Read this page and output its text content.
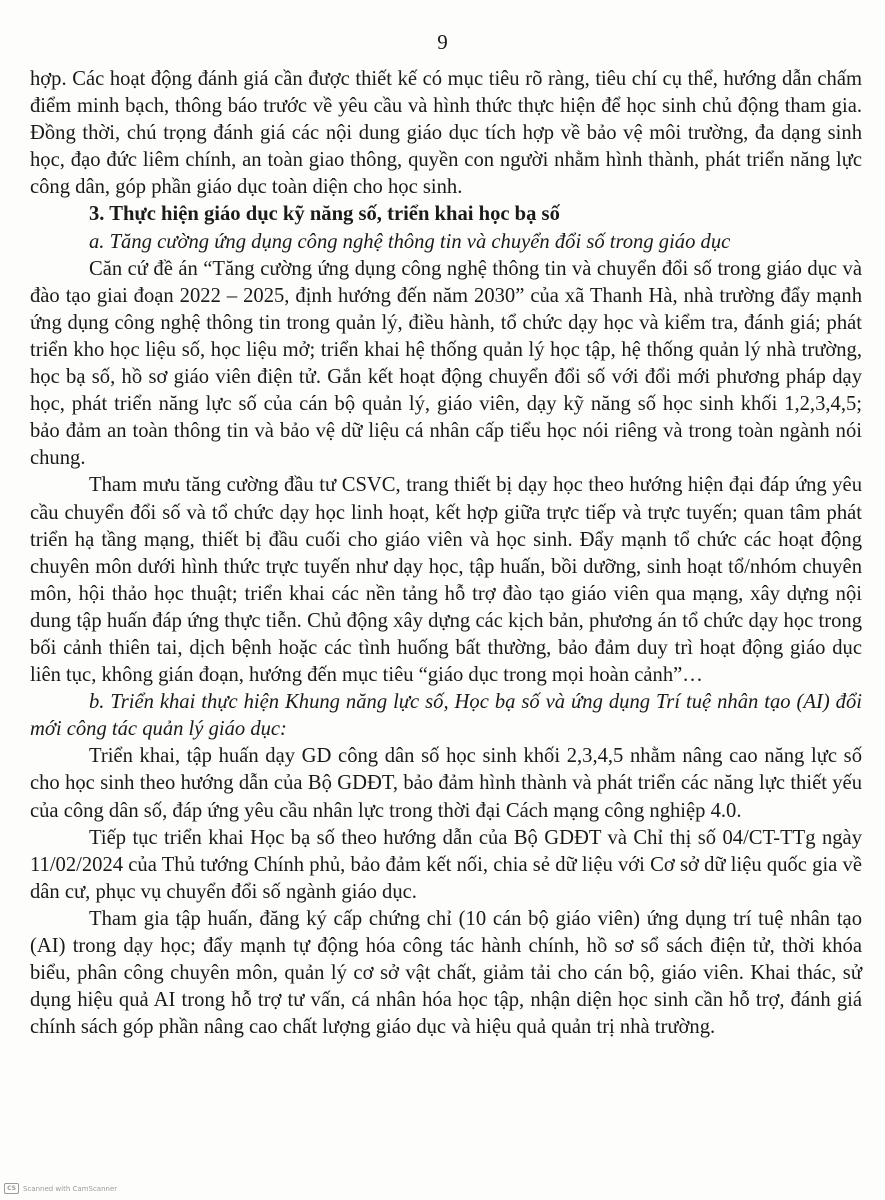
9

hợp. Các hoạt động đánh giá cần được thiết kế có mục tiêu rõ ràng, tiêu chí cụ thể, hướng dẫn chấm điểm minh bạch, thông báo trước về yêu cầu và hình thức thực hiện để học sinh chủ động tham gia. Đồng thời, chú trọng đánh giá các nội dung giáo dục tích hợp về bảo vệ môi trường, đa dạng sinh học, đạo đức liêm chính, an toàn giao thông, quyền con người nhằm hình thành, phát triển năng lực công dân, góp phần giáo dục toàn diện cho học sinh.

3. Thực hiện giáo dục kỹ năng số, triển khai học bạ số

a. Tăng cường ứng dụng công nghệ thông tin và chuyển đổi số trong giáo dục

Căn cứ đề án “Tăng cường ứng dụng công nghệ thông tin và chuyển đổi số trong giáo dục và đào tạo giai đoạn 2022 – 2025, định hướng đến năm 2030” của xã Thanh Hà, nhà trường đẩy mạnh ứng dụng công nghệ thông tin trong quản lý, điều hành, tổ chức dạy học và kiểm tra, đánh giá; phát triển kho học liệu số, học liệu mở; triển khai hệ thống quản lý học tập, hệ thống quản lý nhà trường, học bạ số, hồ sơ giáo viên điện tử. Gắn kết hoạt động chuyển đổi số với đổi mới phương pháp dạy học, phát triển năng lực số của cán bộ quản lý, giáo viên, dạy kỹ năng số học sinh khối 1,2,3,4,5; bảo đảm an toàn thông tin và bảo vệ dữ liệu cá nhân cấp tiểu học nói riêng và trong toàn ngành nói chung.

Tham mưu tăng cường đầu tư CSVC, trang thiết bị dạy học theo hướng hiện đại đáp ứng yêu cầu chuyển đổi số và tổ chức dạy học linh hoạt, kết hợp giữa trực tiếp và trực tuyến; quan tâm phát triển hạ tầng mạng, thiết bị đầu cuối cho giáo viên và học sinh. Đẩy mạnh tổ chức các hoạt động chuyên môn dưới hình thức trực tuyến như dạy học, tập huấn, bồi dưỡng, sinh hoạt tổ/nhóm chuyên môn, hội thảo học thuật; triển khai các nền tảng hỗ trợ đào tạo giáo viên qua mạng, xây dựng nội dung tập huấn đáp ứng thực tiễn. Chủ động xây dựng các kịch bản, phương án tổ chức dạy học trong bối cảnh thiên tai, dịch bệnh hoặc các tình huống bất thường, bảo đảm duy trì hoạt động giáo dục liên tục, không gián đoạn, hướng đến mục tiêu “giáo dục trong mọi hoàn cảnh”…

b. Triển khai thực hiện Khung năng lực số, Học bạ số và ứng dụng Trí tuệ nhân tạo (AI) đổi mới công tác quản lý giáo dục:

Triển khai, tập huấn dạy GD công dân số học sinh khối 2,3,4,5 nhằm nâng cao năng lực số cho học sinh theo hướng dẫn của Bộ GDĐT, bảo đảm hình thành và phát triển các năng lực thiết yếu của công dân số, đáp ứng yêu cầu nhân lực trong thời đại Cách mạng công nghiệp 4.0.

Tiếp tục triển khai Học bạ số theo hướng dẫn của Bộ GDĐT và Chỉ thị số 04/CT-TTg ngày 11/02/2024 của Thủ tướng Chính phủ, bảo đảm kết nối, chia sẻ dữ liệu với Cơ sở dữ liệu quốc gia về dân cư, phục vụ chuyển đổi số ngành giáo dục.

Tham gia tập huấn, đăng ký cấp chứng chỉ (10 cán bộ giáo viên) ứng dụng trí tuệ nhân tạo (AI) trong dạy học; đẩy mạnh tự động hóa công tác hành chính, hồ sơ sổ sách điện tử, thời khóa biểu, phân công chuyên môn, quản lý cơ sở vật chất, giảm tải cho cán bộ, giáo viên. Khai thác, sử dụng hiệu quả AI trong hỗ trợ tư vấn, cá nhân hóa học tập, nhận diện học sinh cần hỗ trợ, đánh giá chính sách góp phần nâng cao chất lượng giáo dục và hiệu quả quản trị nhà trường.

CS	Scanned with CamScanner
